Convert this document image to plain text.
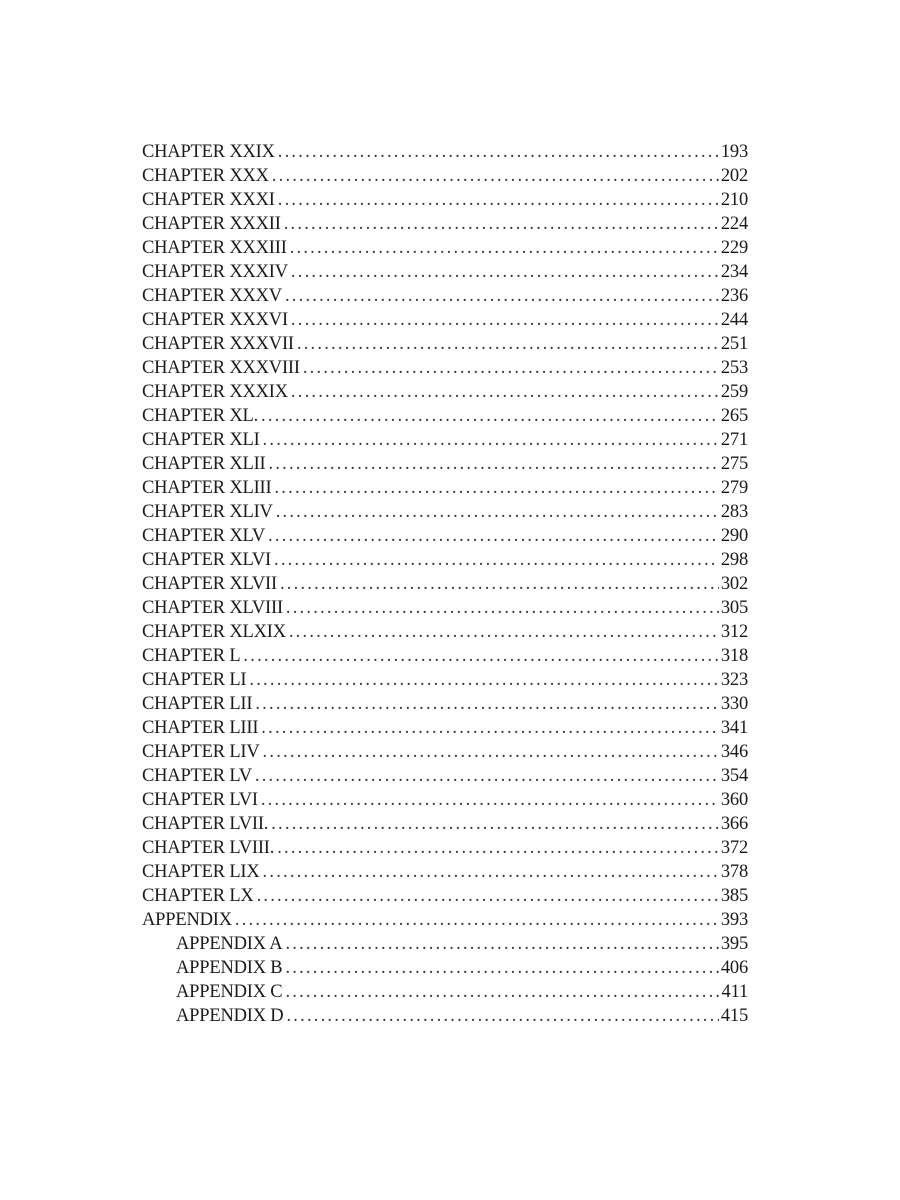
CHAPTER XXIX .....	193
CHAPTER XXX .....	202
CHAPTER XXXI .....	210
CHAPTER XXXII .....	224
CHAPTER XXXIII .....	229
CHAPTER XXXIV .....	234
CHAPTER XXXV .....	236
CHAPTER XXXVI .....	244
CHAPTER XXXVII .....	251
CHAPTER XXXVIII .....	253
CHAPTER XXXIX .....	259
CHAPTER XL. .....	265
CHAPTER XLI .....	271
CHAPTER XLII .....	275
CHAPTER XLIII .....	279
CHAPTER XLIV .....	283
CHAPTER XLV .....	290
CHAPTER XLVI .....	298
CHAPTER XLVII .....	302
CHAPTER XLVIII .....	305
CHAPTER XLXIX .....	312
CHAPTER L .....	318
CHAPTER LI .....	323
CHAPTER LII .....	330
CHAPTER LIII .....	341
CHAPTER LIV .....	346
CHAPTER LV .....	354
CHAPTER LVI .....	360
CHAPTER LVII. .....	366
CHAPTER LVIII. .....	372
CHAPTER LIX .....	378
CHAPTER LX .....	385
APPENDIX .....	393
APPENDIX A .....	395
APPENDIX B .....	406
APPENDIX C .....	411
APPENDIX D .....	415
